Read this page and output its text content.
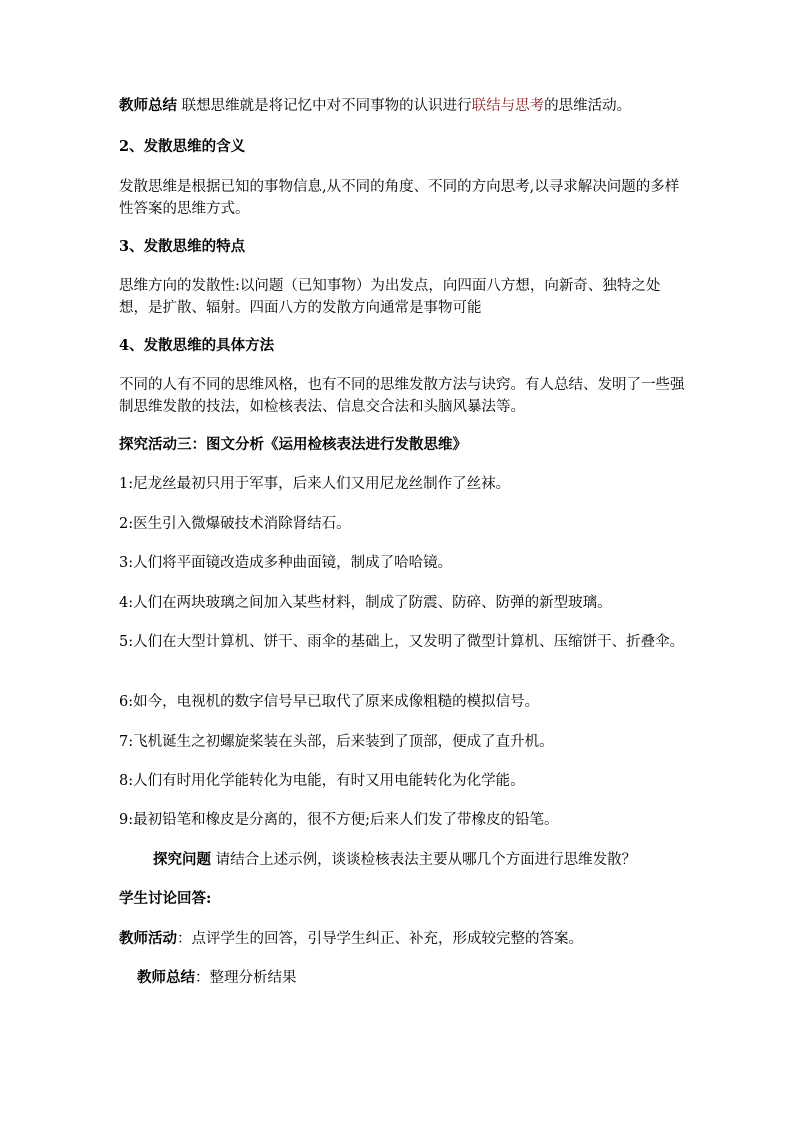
教师总结 联想思维就是将记忆中对不同事物的认识进行联结与思考的思维活动。

2、发散思维的含义

发散思维是根据已知的事物信息,从不同的角度、不同的方向思考,以寻求解决问题的多样性答案的思维方式。

3、发散思维的特点

思维方向的发散性:以问题（已知事物）为出发点，向四面八方想，向新奇、独特之处想，是扩散、辐射。四面八方的发散方向通常是事物可能

4、发散思维的具体方法

不同的人有不同的思维风格，也有不同的思维发散方法与诀窍。有人总结、发明了一些强制思维发散的技法，如检核表法、信息交合法和头脑风暴法等。

探究活动三：图文分析《运用检核表法进行发散思维》

1:尼龙丝最初只用于军事，后来人们又用尼龙丝制作了丝袜。

2:医生引入微爆破技术消除肾结石。

3:人们将平面镜改造成多种曲面镜，制成了哈哈镜。

4:人们在两块玻璃之间加入某些材料，制成了防震、防碎、防弹的新型玻璃。

5:人们在大型计算机、饼干、雨伞的基础上，又发明了微型计算机、压缩饼干、折叠伞。

6:如今，电视机的数字信号早已取代了原来成像粗糙的模拟信号。

7:飞机诞生之初螺旋桨装在头部，后来装到了顶部，便成了直升机。

8:人们有时用化学能转化为电能，有时又用电能转化为化学能。

9:最初铅笔和橡皮是分离的，很不方便;后来人们发了带橡皮的铅笔。

探究问题 请结合上述示例，谈谈检核表法主要从哪几个方面进行思维发散？

学生讨论回答:

教师活动：点评学生的回答，引导学生纠正、补充，形成较完整的答案。

教师总结：整理分析结果
